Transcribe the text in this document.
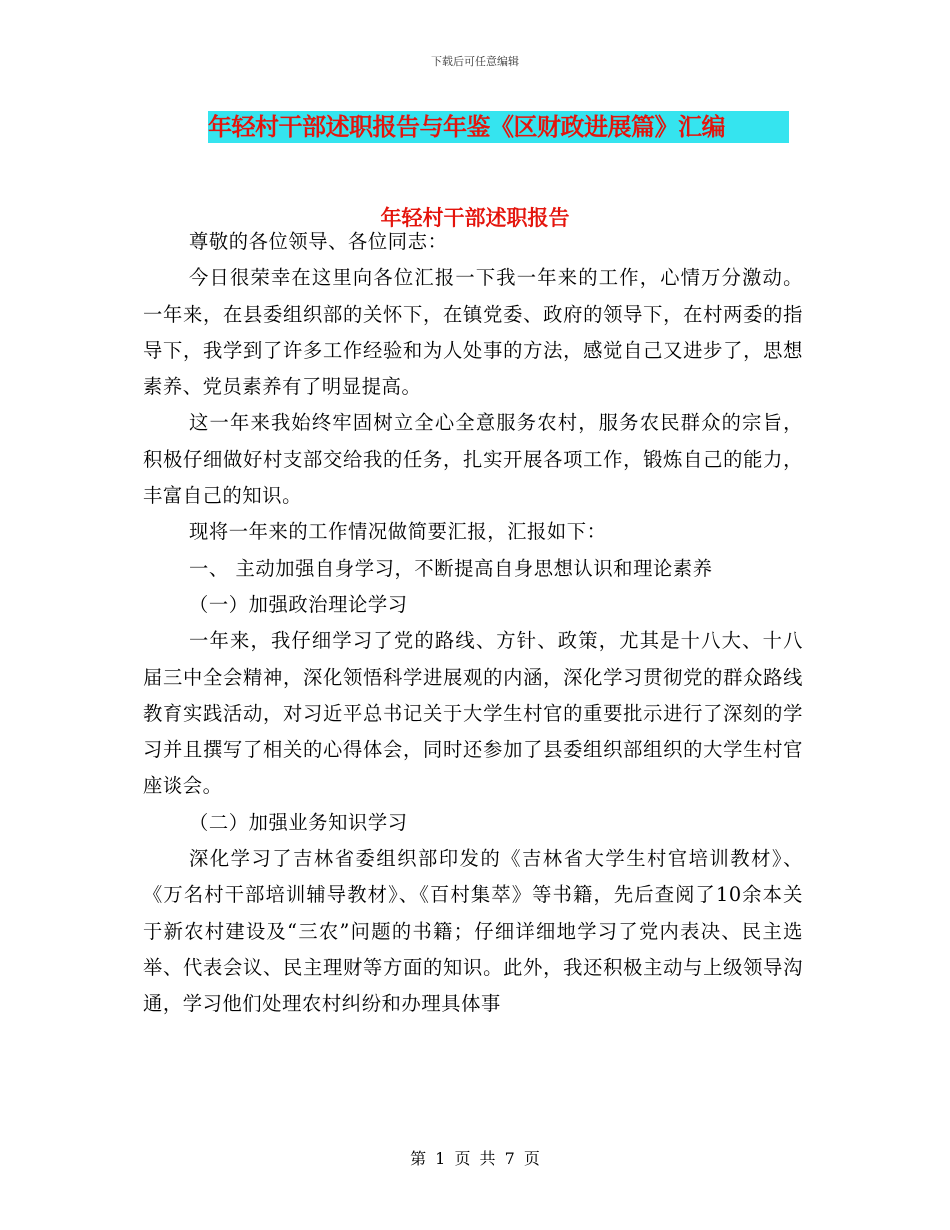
下载后可任意编辑
年轻村干部述职报告与年鉴《区财政进展篇》汇编
年轻村干部述职报告

尊敬的各位领导、各位同志：

今日很荣幸在这里向各位汇报一下我一年来的工作，心情万分激动。一年来，在县委组织部的关怀下，在镇党委、政府的领导下，在村两委的指导下，我学到了许多工作经验和为人处事的方法，感觉自己又进步了，思想素养、党员素养有了明显提高。

这一年来我始终牢固树立全心全意服务农村，服务农民群众的宗旨，积极仔细做好村支部交给我的任务，扎实开展各项工作，锻炼自己的能力，丰富自己的知识。

现将一年来的工作情况做简要汇报，汇报如下：

一、 主动加强自身学习，不断提高自身思想认识和理论素养

（一）加强政治理论学习

一年来，我仔细学习了党的路线、方针、政策，尤其是十八大、十八届三中全会精神，深化领悟科学进展观的内涵，深化学习贯彻党的群众路线教育实践活动，对习近平总书记关于大学生村官的重要批示进行了深刻的学习并且撰写了相关的心得体会，同时还参加了县委组织部组织的大学生村官座谈会。

（二）加强业务知识学习

深化学习了吉林省委组织部印发的《吉林省大学生村官培训教材》、《万名村干部培训辅导教材》、《百村集萃》等书籍，先后查阅了10余本关于新农村建设及“三农”问题的书籍；仔细详细地学习了党内表决、民主选举、代表会议、民主理财等方面的知识。此外，我还积极主动与上级领导沟通，学习他们处理农村纠纷和办理具体事

第 1 页 共 7 页
